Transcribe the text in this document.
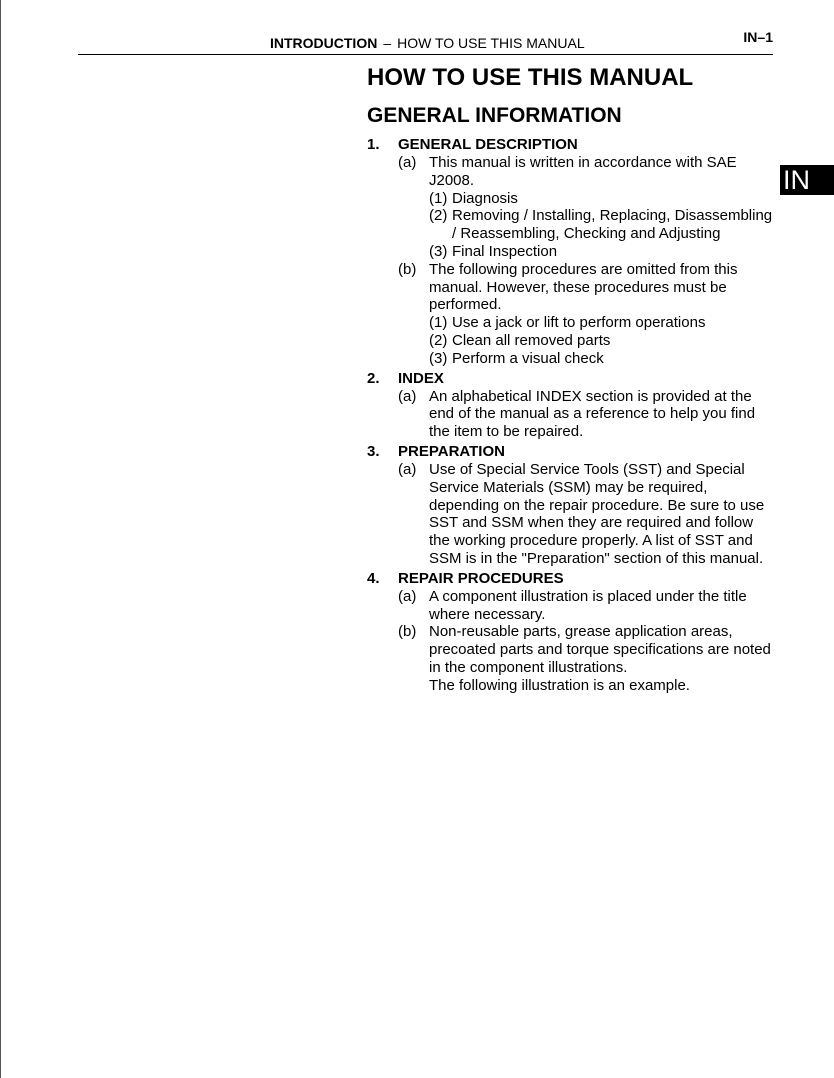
INTRODUCTION – HOW TO USE THIS MANUAL	IN–1
IN
HOW TO USE THIS MANUAL
GENERAL INFORMATION
1. GENERAL DESCRIPTION
(a) This manual is written in accordance with SAE
J2008.
(1) Diagnosis
(2) Removing / Installing, Replacing, Disassembling
/ Reassembling, Checking and Adjusting
(3) Final Inspection
(b) The following procedures are omitted from this
manual. However, these procedures must be
performed.
(1) Use a jack or lift to perform operations
(2) Clean all removed parts
(3) Perform a visual check
2. INDEX
(a) An alphabetical INDEX section is provided at the
end of the manual as a reference to help you find
the item to be repaired.
3. PREPARATION
(a) Use of Special Service Tools (SST) and Special
Service Materials (SSM) may be required,
depending on the repair procedure. Be sure to use
SST and SSM when they are required and follow
the working procedure properly. A list of SST and
SSM is in the "Preparation" section of this manual.
4. REPAIR PROCEDURES
(a) A component illustration is placed under the title
where necessary.
(b) Non-reusable parts, grease application areas,
precoated parts and torque specifications are noted
in the component illustrations.
The following illustration is an example.
